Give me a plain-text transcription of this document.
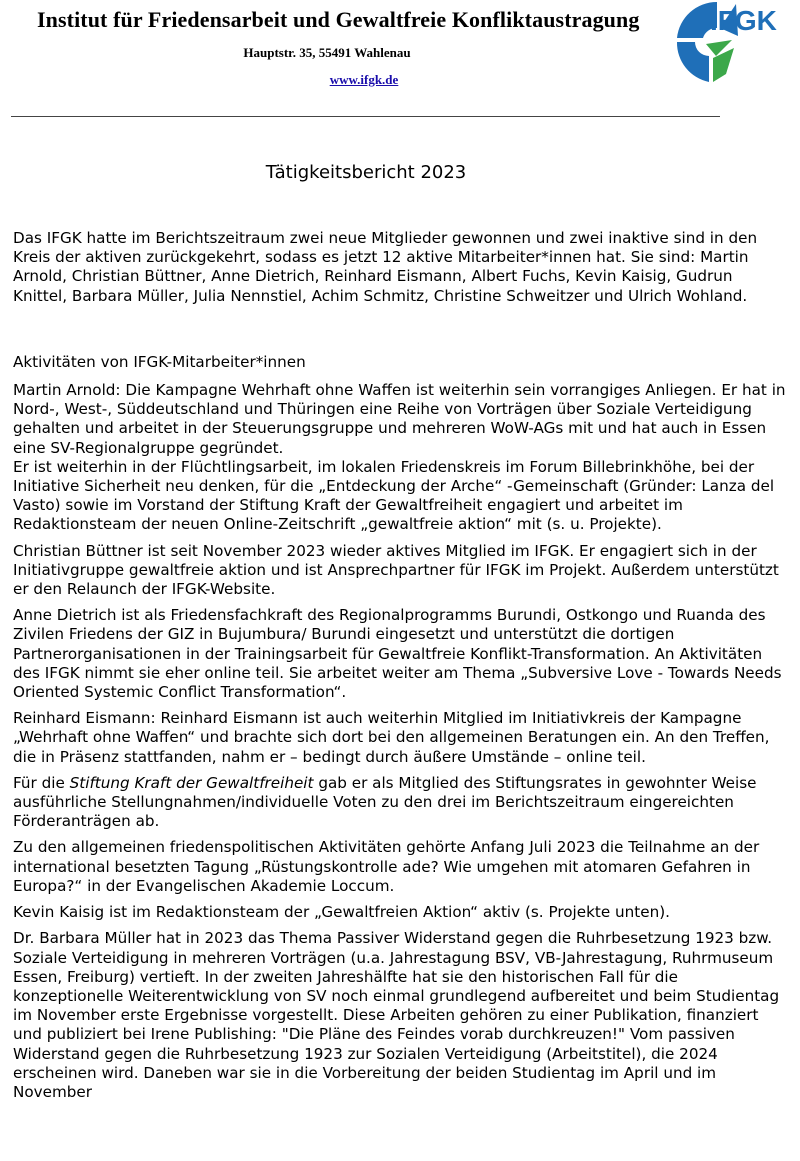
Institut für Friedensarbeit und Gewaltfreie Konfliktaustragung
Hauptstr. 35, 55491 Wahlenau
www.ifgk.de
IFGK
Tätigkeitsbericht 2023

Das IFGK hatte im Berichtszeitraum zwei neue Mitglieder gewonnen und zwei inaktive sind in den Kreis der aktiven zurückgekehrt, sodass es jetzt 12 aktive Mitarbeiter*innen hat. Sie sind: Martin Arnold, Christian Büttner, Anne Dietrich, Reinhard Eismann, Albert Fuchs, Kevin Kaisig, Gudrun Knittel, Barbara Müller, Julia Nennstiel, Achim Schmitz, Christine Schweitzer und Ulrich Wohland.

Aktivitäten von IFGK-Mitarbeiter*innen

Martin Arnold: Die Kampagne Wehrhaft ohne Waffen ist weiterhin sein vorrangiges Anliegen. Er hat in Nord-, West-, Süddeutschland und Thüringen eine Reihe von Vorträgen über Soziale Verteidigung gehalten und arbeitet in der Steuerungsgruppe und mehreren WoW-AGs mit und hat auch in Essen eine SV-Regionalgruppe gegründet.

Er ist weiterhin in der Flüchtlingsarbeit, im lokalen Friedenskreis im Forum Billebrinkhöhe, bei der Initiative Sicherheit neu denken, für die „Entdeckung der Arche“ -Gemeinschaft (Gründer: Lanza del Vasto) sowie im Vorstand der Stiftung Kraft der Gewaltfreiheit engagiert und arbeitet im Redaktionsteam der neuen Online-Zeitschrift „gewaltfreie aktion“ mit (s. u. Projekte).

Christian Büttner ist seit November 2023 wieder aktives Mitglied im IFGK. Er engagiert sich in der Initiativgruppe gewaltfreie aktion und ist Ansprechpartner für IFGK im Projekt. Außerdem unterstützt er den Relaunch der IFGK-Website.

Anne Dietrich ist als Friedensfachkraft des Regionalprogramms Burundi, Ostkongo und Ruanda des Zivilen Friedens der GIZ in Bujumbura/ Burundi eingesetzt und unterstützt die dortigen Partnerorganisationen in der Trainingsarbeit für Gewaltfreie Konflikt-Transformation. An Aktivitäten des IFGK nimmt sie eher online teil. Sie arbeitet weiter am Thema „Subversive Love - Towards Needs Oriented Systemic Conflict Transformation“.

Reinhard Eismann: Reinhard Eismann ist auch weiterhin Mitglied im Initiativkreis der Kampagne „Wehrhaft ohne Waffen“ und brachte sich dort bei den allgemeinen Beratungen ein. An den Treffen, die in Präsenz stattfanden, nahm er – bedingt durch äußere Umstände – online teil.

Für die Stiftung Kraft der Gewaltfreiheit gab er als Mitglied des Stiftungsrates in gewohnter Weise ausführliche Stellungnahmen/individuelle Voten zu den drei im Berichtszeitraum eingereichten Förderanträgen ab.

Zu den allgemeinen friedenspolitischen Aktivitäten gehörte Anfang Juli 2023 die Teilnahme an der international besetzten Tagung „Rüstungskontrolle ade? Wie umgehen mit atomaren Gefahren in Europa?“ in der Evangelischen Akademie Loccum.

Kevin Kaisig ist im Redaktionsteam der „Gewaltfreien Aktion“ aktiv (s. Projekte unten).

Dr. Barbara Müller hat in 2023 das Thema Passiver Widerstand gegen die Ruhrbesetzung 1923 bzw. Soziale Verteidigung in mehreren Vorträgen (u.a. Jahrestagung BSV, VB-Jahrestagung, Ruhrmuseum Essen, Freiburg) vertieft. In der zweiten Jahreshälfte hat sie den historischen Fall für die konzeptionelle Weiterentwicklung von SV noch einmal grundlegend aufbereitet und beim Studientag im November erste Ergebnisse vorgestellt. Diese Arbeiten gehören zu einer Publikation, finanziert und publiziert bei Irene Publishing: "Die Pläne des Feindes vorab durchkreuzen!" Vom passiven Widerstand gegen die Ruhrbesetzung 1923 zur Sozialen Verteidigung (Arbeitstitel), die 2024 erscheinen wird. Daneben war sie in die Vorbereitung der beiden Studientag im April und im November
